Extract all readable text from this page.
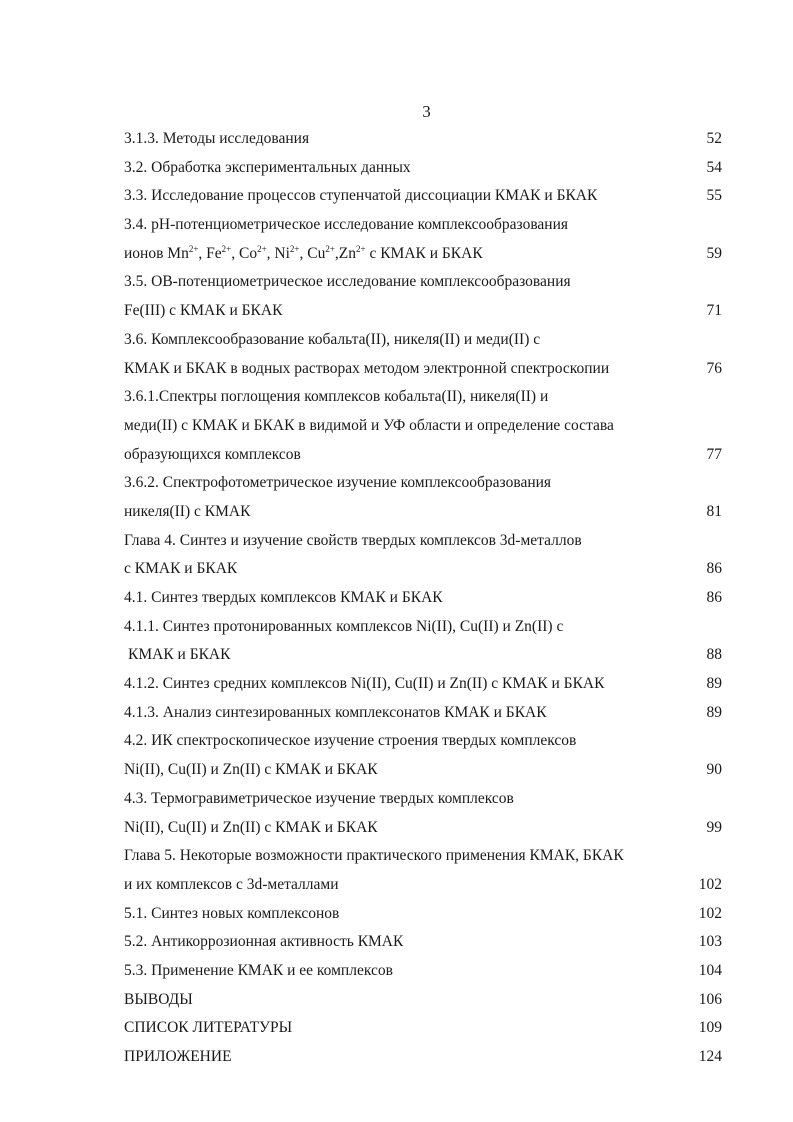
3
3.1.3. Методы исследования	52
3.2. Обработка экспериментальных данных	54
3.3. Исследование процессов ступенчатой диссоциации КМАК и БКАК	55
3.4. рН-потенциометрическое исследование комплексообразования
ионов $Mn^{2+}$, $Fe^{2+}$, $Co^{2+}$, $Ni^{2+}$, $Cu^{2+},Zn^{2+}$ с КМАК и БКАК	59
3.5. ОВ-потенциометрическое исследование комплексообразования
Fe(III) с КМАК и БКАК	71
3.6. Комплексообразование кобальта(II), никеля(II) и меди(II) с
КМАК и БКАК в водных растворах методом электронной спектроскопии	76
3.6.1.Спектры поглощения комплексов кобальта(II), никеля(II) и
меди(II) с КМАК и БКАК в видимой и УФ области и определение состава
образующихся комплексов	77
3.6.2. Спектрофотометрическое изучение комплексообразования
никеля(II) с КМАК	81
Глава 4. Синтез и изучение свойств твердых комплексов 3d-металлов
с КМАК и БКАК	86
4.1. Синтез твердых комплексов КМАК и БКАК	86
4.1.1. Синтез протонированных комплексов Ni(II), Cu(II) и Zn(II) с
КМАК и БКАК	88
4.1.2. Синтез средних комплексов Ni(II), Cu(II) и Zn(II) с КМАК и БКАК	89
4.1.3. Анализ синтезированных комплексонатов КМАК и БКАК	89
4.2. ИК спектроскопическое изучение строения твердых комплексов
Ni(II), Cu(II) и Zn(II) с КМАК и БКАК	90
4.3. Термогравиметрическое изучение твердых комплексов
Ni(II), Cu(II) и Zn(II) с КМАК и БКАК	99
Глава 5. Некоторые возможности практического применения КМАК, БКАК
и их комплексов с 3d-металлами	102
5.1. Синтез новых комплексонов	102
5.2. Антикоррозионная активность КМАК	103
5.3. Применение КМАК и ее комплексов	104
ВЫВОДЫ	106
СПИСОК ЛИТЕРАТУРЫ	109
ПРИЛОЖЕНИЕ	124
